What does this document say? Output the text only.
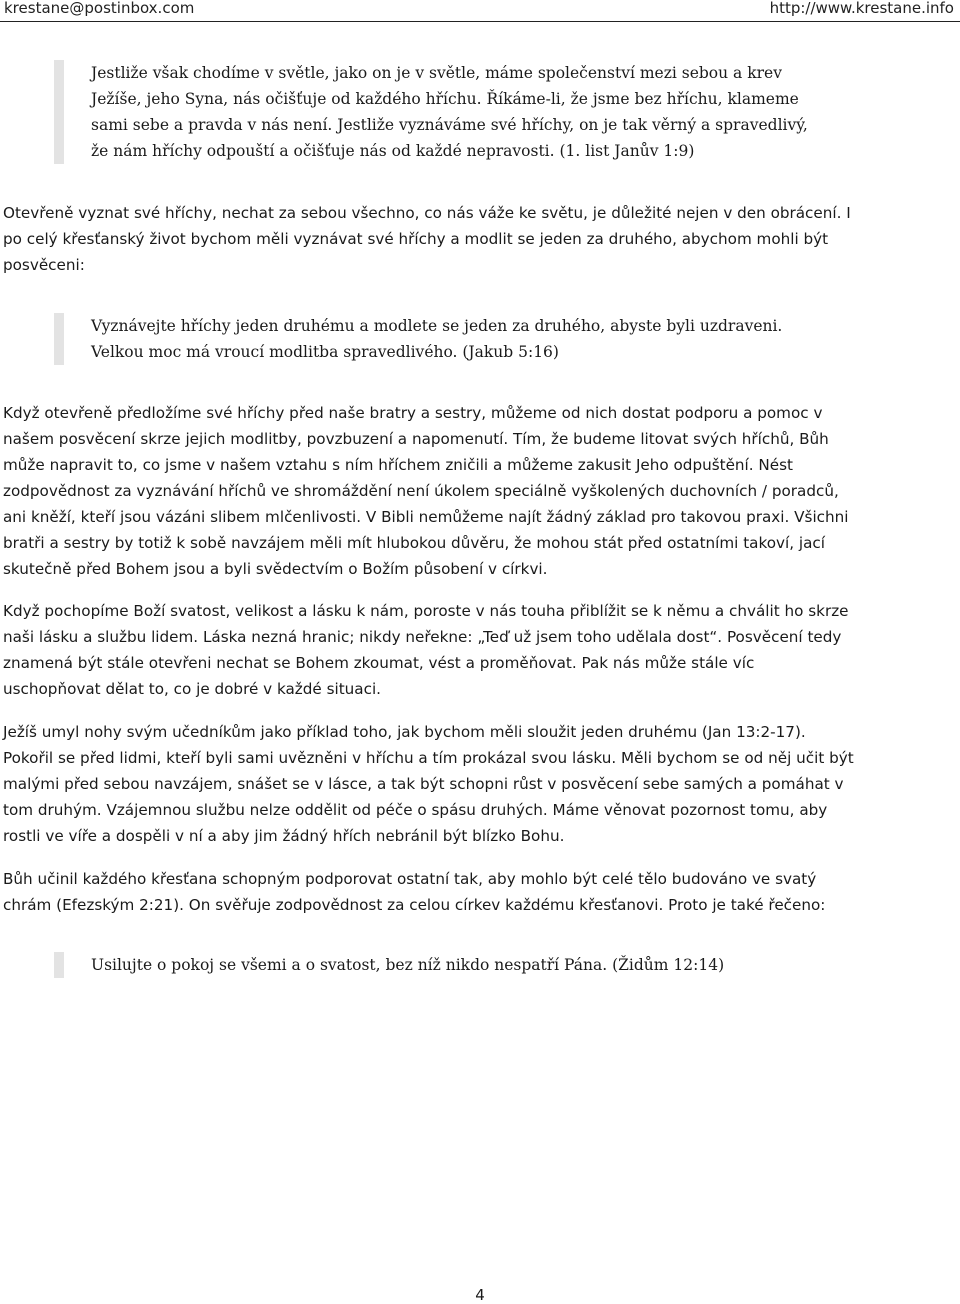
krestane@postinbox.com	http://www.krestane.info
Jestliže však chodíme v světle, jako on je v světle, máme společenství mezi sebou a krev
Ježíše, jeho Syna, nás očišťuje od každého hříchu. Říkáme-li, že jsme bez hříchu, klameme
sami sebe a pravda v nás není. Jestliže vyznáváme své hříchy, on je tak věrný a spravedlivý,
že nám hříchy odpouští a očišťuje nás od každé nepravosti. (1. list Janův 1:9)
Otevřeně vyznat své hříchy, nechat za sebou všechno, co nás váže ke světu, je důležité nejen v den obrácení. I
po celý křesťanský život bychom měli vyznávat své hříchy a modlit se jeden za druhého, abychom mohli být
posvěceni:
Vyznávejte hříchy jeden druhému a modlete se jeden za druhého, abyste byli uzdraveni.
Velkou moc má vroucí modlitba spravedlivého. (Jakub 5:16)
Když otevřeně předložíme své hříchy před naše bratry a sestry, můžeme od nich dostat podporu a pomoc v
našem posvěcení skrze jejich modlitby, povzbuzení a napomenutí. Tím, že budeme litovat svých hříchů, Bůh
může napravit to, co jsme v našem vztahu s ním hříchem zničili a můžeme zakusit Jeho odpuštění. Nést
zodpovědnost za vyznávání hříchů ve shromáždění není úkolem speciálně vyškolených duchovních / poradců,
ani kněží, kteří jsou vázáni slibem mlčenlivosti. V Bibli nemůžeme najít žádný základ pro takovou praxi. Všichni
bratři a sestry by totiž k sobě navzájem měli mít hlubokou důvěru, že mohou stát před ostatními takoví, jací
skutečně před Bohem jsou a byli svědectvím o Božím působení v církvi.
Když pochopíme Boží svatost, velikost a lásku k nám, poroste v nás touha přiblížit se k němu a chválit ho skrze
naši lásku a službu lidem. Láska nezná hranic; nikdy neřekne: „Teď už jsem toho udělala dost“. Posvěcení tedy
znamená být stále otevřeni nechat se Bohem zkoumat, vést a proměňovat. Pak nás může stále víc
uschopňovat dělat to, co je dobré v každé situaci.
Ježíš umyl nohy svým učedníkům jako příklad toho, jak bychom měli sloužit jeden druhému (Jan 13:2-17).
Pokořil se před lidmi, kteří byli sami uvězněni v hříchu a tím prokázal svou lásku. Měli bychom se od něj učit být
malými před sebou navzájem, snášet se v lásce, a tak být schopni růst v posvěcení sebe samých a pomáhat v
tom druhým. Vzájemnou službu nelze oddělit od péče o spásu druhých. Máme věnovat pozornost tomu, aby
rostli ve víře a dospěli v ní a aby jim žádný hřích nebránil být blízko Bohu.
Bůh učinil každého křesťana schopným podporovat ostatní tak, aby mohlo být celé tělo budováno ve svatý
chrám (Efezským 2:21). On svěřuje zodpovědnost za celou církev každému křesťanovi. Proto je také řečeno:
Usilujte o pokoj se všemi a o svatost, bez níž nikdo nespatří Pána. (Židům 12:14)
4
